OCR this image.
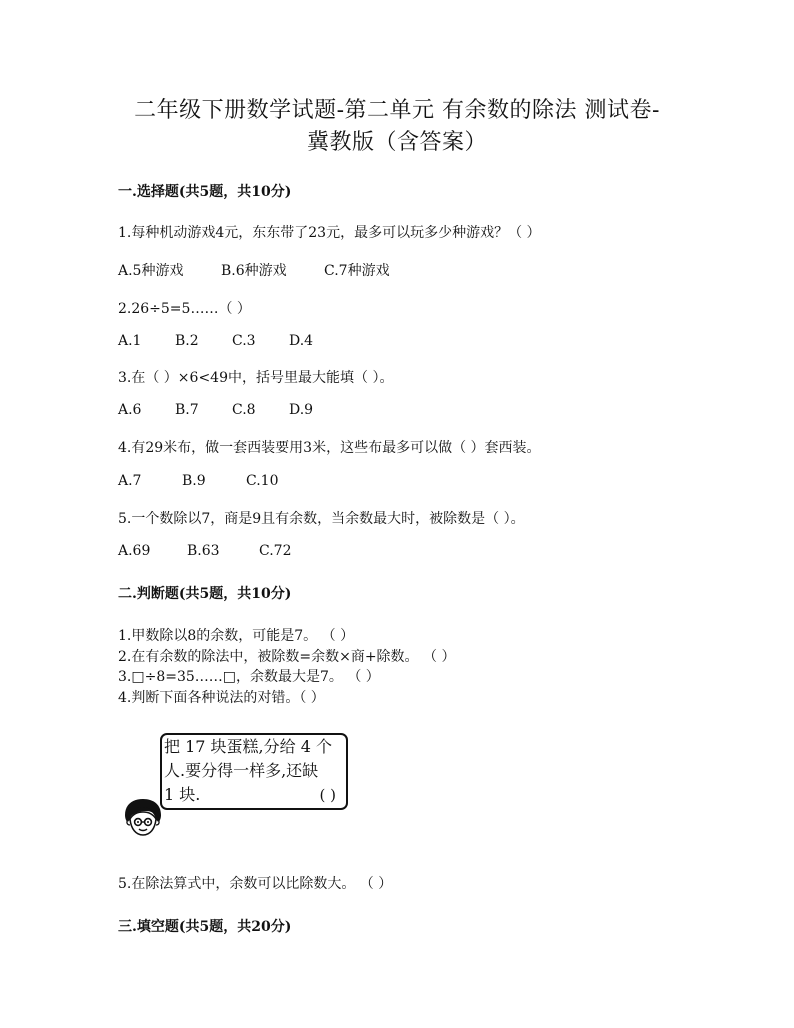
二年级下册数学试题-第二单元 有余数的除法 测试卷-
冀教版（含答案）
一.选择题(共5题，共10分)
1.每种机动游戏4元，东东带了23元，最多可以玩多少种游戏？（ ）
A.5种游戏	B.6种游戏	C.7种游戏
2.26÷5=5……（ ）
A.1 B.2 C.3 D.4
3.在（ ）×6<49中，括号里最大能填（ ）。
A.6 B.7 C.8 D.9
4.有29米布，做一套西装要用3米，这些布最多可以做（ ）套西装。
A.7	B.9	C.10
5.一个数除以7，商是9且有余数，当余数最大时，被除数是（ ）。
A.69	B.63	C.72
二.判断题(共5题，共10分)
1.甲数除以8的余数，可能是7。 （ ）
2.在有余数的除法中，被除数=余数×商+除数。 （ ）
3.□÷8=35……□，余数最大是7。 （ ）
4.判断下面各种说法的对错。（ ）
把 17 块蛋糕,分给 4 个
人.要分得一样多,还缺
1 块.	( )
5.在除法算式中，余数可以比除数大。 （ ）
三.填空题(共5题，共20分)
